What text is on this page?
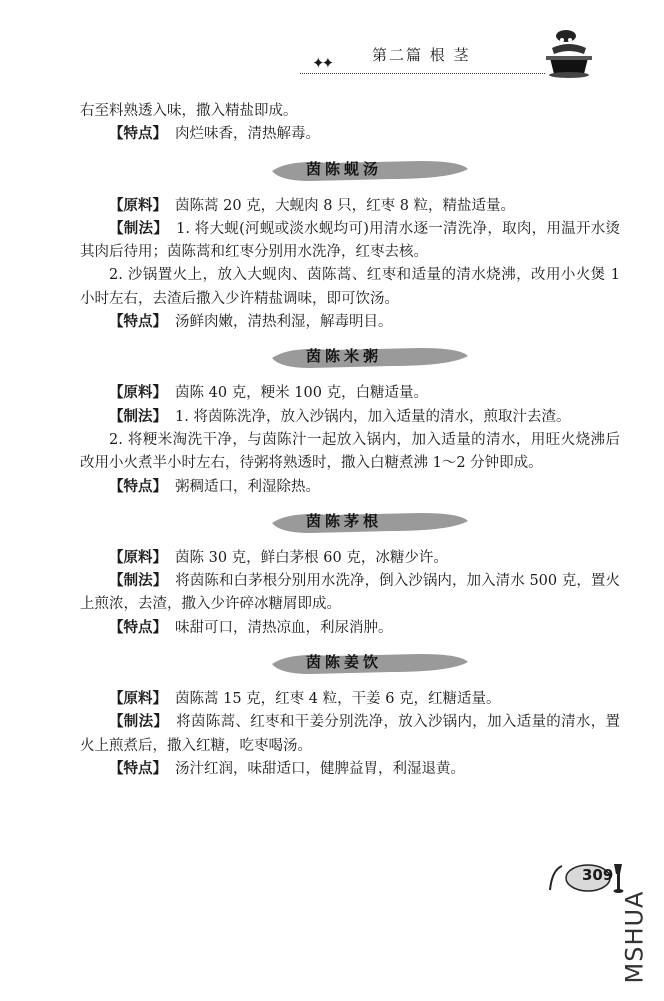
✦✦	第二篇 根 茎

右至料熟透入味，撒入精盐即成。

【特点】 肉烂味香，清热解毒。

茵陈蚬汤

【原料】 茵陈蒿 20 克，大蚬肉 8 只，红枣 8 粒，精盐适量。

【制法】 1. 将大蚬(河蚬或淡水蚬均可)用清水逐一清洗净，取肉，用温开水烫其肉后待用；茵陈蒿和红枣分别用水洗净，红枣去核。

2. 沙锅置火上，放入大蚬肉、茵陈蒿、红枣和适量的清水烧沸，改用小火煲 1 小时左右，去渣后撒入少许精盐调味，即可饮汤。

【特点】 汤鲜肉嫩，清热利湿，解毒明目。

茵陈米粥

【原料】 茵陈 40 克，粳米 100 克，白糖适量。

【制法】 1. 将茵陈洗净，放入沙锅内，加入适量的清水，煎取汁去渣。

2. 将粳米淘洗干净，与茵陈汁一起放入锅内，加入适量的清水，用旺火烧沸后改用小火煮半小时左右，待粥将熟透时，撒入白糖煮沸 1～2 分钟即成。

【特点】 粥稠适口，利湿除热。

茵陈茅根

【原料】 茵陈 30 克，鲜白茅根 60 克，冰糖少许。

【制法】 将茵陈和白茅根分别用水洗净，倒入沙锅内，加入清水 500 克，置火上煎浓，去渣，撒入少许碎冰糖屑即成。

【特点】 味甜可口，清热凉血，利尿消肿。

茵陈姜饮

【原料】 茵陈蒿 15 克，红枣 4 粒，干姜 6 克，红糖适量。

【制法】 将茵陈蒿、红枣和干姜分别洗净，放入沙锅内，加入适量的清水，置火上煎煮后，撒入红糖，吃枣喝汤。

【特点】 汤汁红润，味甜适口，健脾益胃，利湿退黄。

309
MSHUA
